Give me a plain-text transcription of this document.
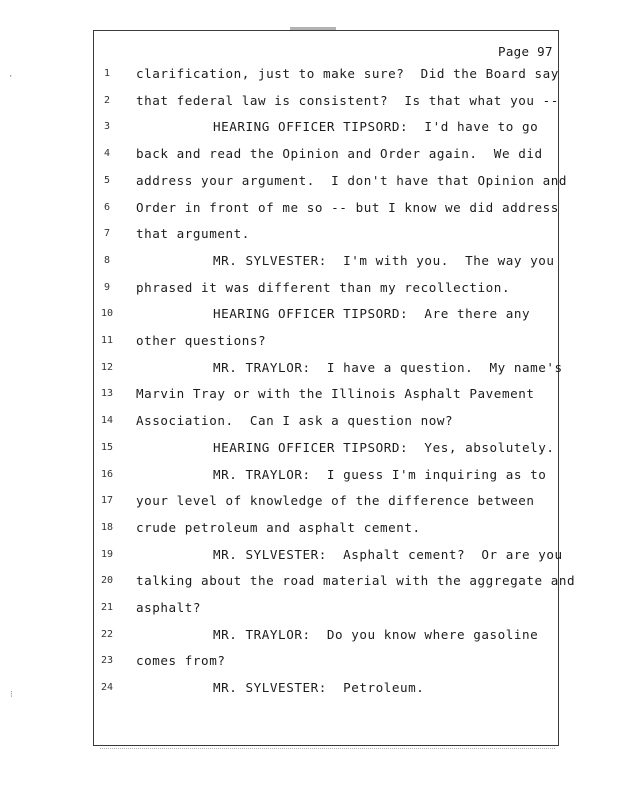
·
⁝
Page 97
1	clarification, just to make sure?  Did the Board say
2	that federal law is consistent?  Is that what you --
3	HEARING OFFICER TIPSORD:  I'd have to go
4	back and read the Opinion and Order again.  We did
5	address your argument.  I don't have that Opinion and
6	Order in front of me so -- but I know we did address
7	that argument.
8	MR. SYLVESTER:  I'm with you.  The way you
9	phrased it was different than my recollection.
10	HEARING OFFICER TIPSORD:  Are there any
11	other questions?
12	MR. TRAYLOR:  I have a question.  My name's
13	Marvin Tray or with the Illinois Asphalt Pavement
14	Association.  Can I ask a question now?
15	HEARING OFFICER TIPSORD:  Yes, absolutely.
16	MR. TRAYLOR:  I guess I'm inquiring as to
17	your level of knowledge of the difference between
18	crude petroleum and asphalt cement.
19	MR. SYLVESTER:  Asphalt cement?  Or are you
20	talking about the road material with the aggregate and
21	asphalt?
22	MR. TRAYLOR:  Do you know where gasoline
23	comes from?
24	MR. SYLVESTER:  Petroleum.
